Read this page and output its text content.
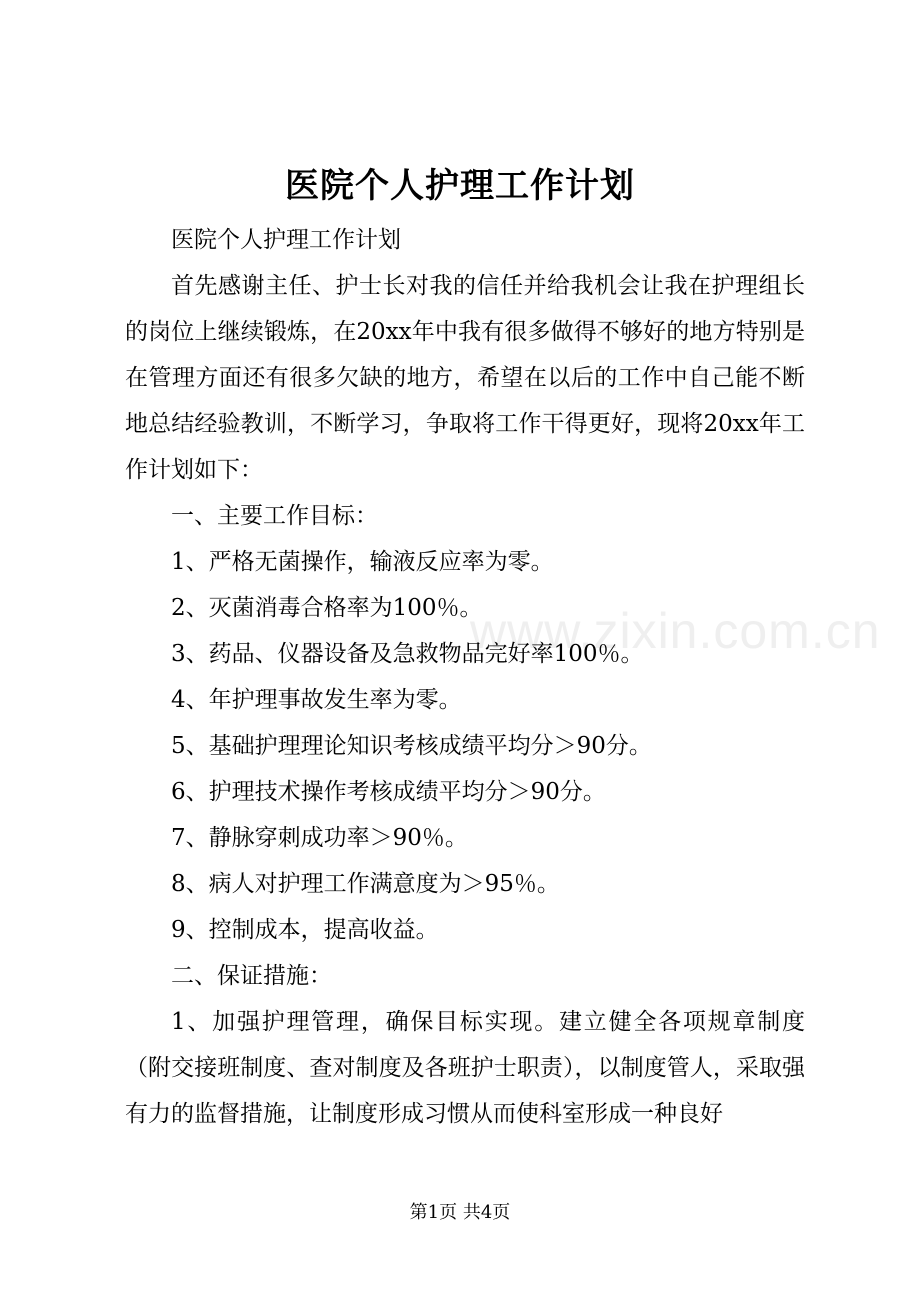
www.zixin.com.cn
医院个人护理工作计划

医院个人护理工作计划

首先感谢主任、护士长对我的信任并给我机会让我在护理组长的岗位上继续锻炼，在20xx年中我有很多做得不够好的地方特别是在管理方面还有很多欠缺的地方，希望在以后的工作中自己能不断地总结经验教训，不断学习，争取将工作干得更好，现将20xx年工作计划如下：

一、主要工作目标：

1、严格无菌操作，输液反应率为零。

2、灭菌消毒合格率为100％。

3、药品、仪器设备及急救物品完好率100％。

4、年护理事故发生率为零。

5、基础护理理论知识考核成绩平均分＞90分。

6、护理技术操作考核成绩平均分＞90分。

7、静脉穿刺成功率＞90％。

8、病人对护理工作满意度为＞95％。

9、控制成本，提高收益。

二、保证措施：

1、加强护理管理，确保目标实现。建立健全各项规章制度（附交接班制度、查对制度及各班护士职责），以制度管人，采取强有力的监督措施，让制度形成习惯从而使科室形成一种良好

第1页 共4页
